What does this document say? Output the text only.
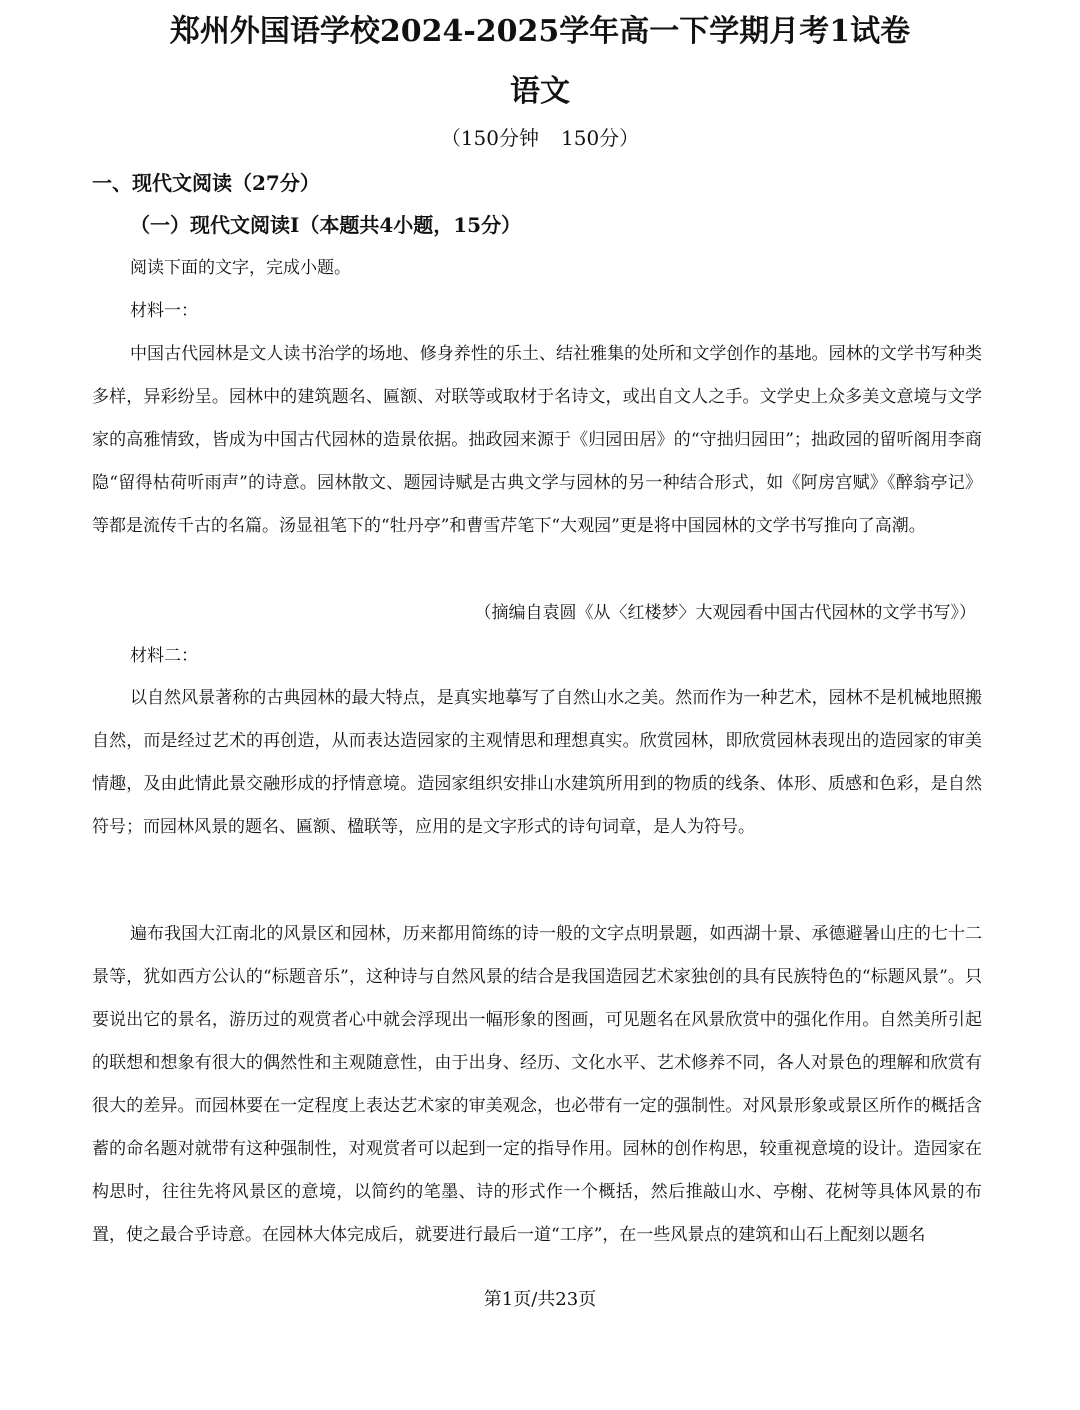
郑州外国语学校2024-2025学年高一下学期月考1试卷
语文
（150分钟 150分）
一、现代文阅读（27分）
（一）现代文阅读Ⅰ（本题共4小题，15分）
阅读下面的文字，完成小题。
材料一：

中国古代园林是文人读书治学的场地、修身养性的乐土、结社雅集的处所和文学创作的基地。园林的文学书写种类多样，异彩纷呈。园林中的建筑题名、匾额、对联等或取材于名诗文，或出自文人之手。文学史上众多美文意境与文学家的高雅情致，皆成为中国古代园林的造景依据。拙政园来源于《归园田居》的“守拙归园田”；拙政园的留听阁用李商隐“留得枯荷听雨声”的诗意。园林散文、题园诗赋是古典文学与园林的另一种结合形式，如《阿房宫赋》《醉翁亭记》等都是流传千古的名篇。汤显祖笔下的“牡丹亭”和曹雪芹笔下“大观园”更是将中国园林的文学书写推向了高潮。

（摘编自袁圆《从〈红楼梦〉大观园看中国古代园林的文学书写》）
材料二：

以自然风景著称的古典园林的最大特点，是真实地摹写了自然山水之美。然而作为一种艺术，园林不是机械地照搬自然，而是经过艺术的再创造，从而表达造园家的主观情思和理想真实。欣赏园林，即欣赏园林表现出的造园家的审美情趣，及由此情此景交融形成的抒情意境。造园家组织安排山水建筑所用到的物质的线条、体形、质感和色彩，是自然符号；而园林风景的题名、匾额、楹联等，应用的是文字形式的诗句词章，是人为符号。

遍布我国大江南北的风景区和园林，历来都用简练的诗一般的文字点明景题，如西湖十景、承德避暑山庄的七十二景等，犹如西方公认的“标题音乐”，这种诗与自然风景的结合是我国造园艺术家独创的具有民族特色的“标题风景”。只要说出它的景名，游历过的观赏者心中就会浮现出一幅形象的图画，可见题名在风景欣赏中的强化作用。自然美所引起的联想和想象有很大的偶然性和主观随意性，由于出身、经历、文化水平、艺术修养不同，各人对景色的理解和欣赏有很大的差异。而园林要在一定程度上表达艺术家的审美观念，也必带有一定的强制性。对风景形象或景区所作的概括含蓄的命名题对就带有这种强制性，对观赏者可以起到一定的指导作用。园林的创作构思，较重视意境的设计。造园家在构思时，往往先将风景区的意境，以简约的笔墨、诗的形式作一个概括，然后推敲山水、亭榭、花树等具体风景的布置，使之最合乎诗意。在园林大体完成后，就要进行最后一道“工序”，在一些风景点的建筑和山石上配刻以题名

第1页/共23页
